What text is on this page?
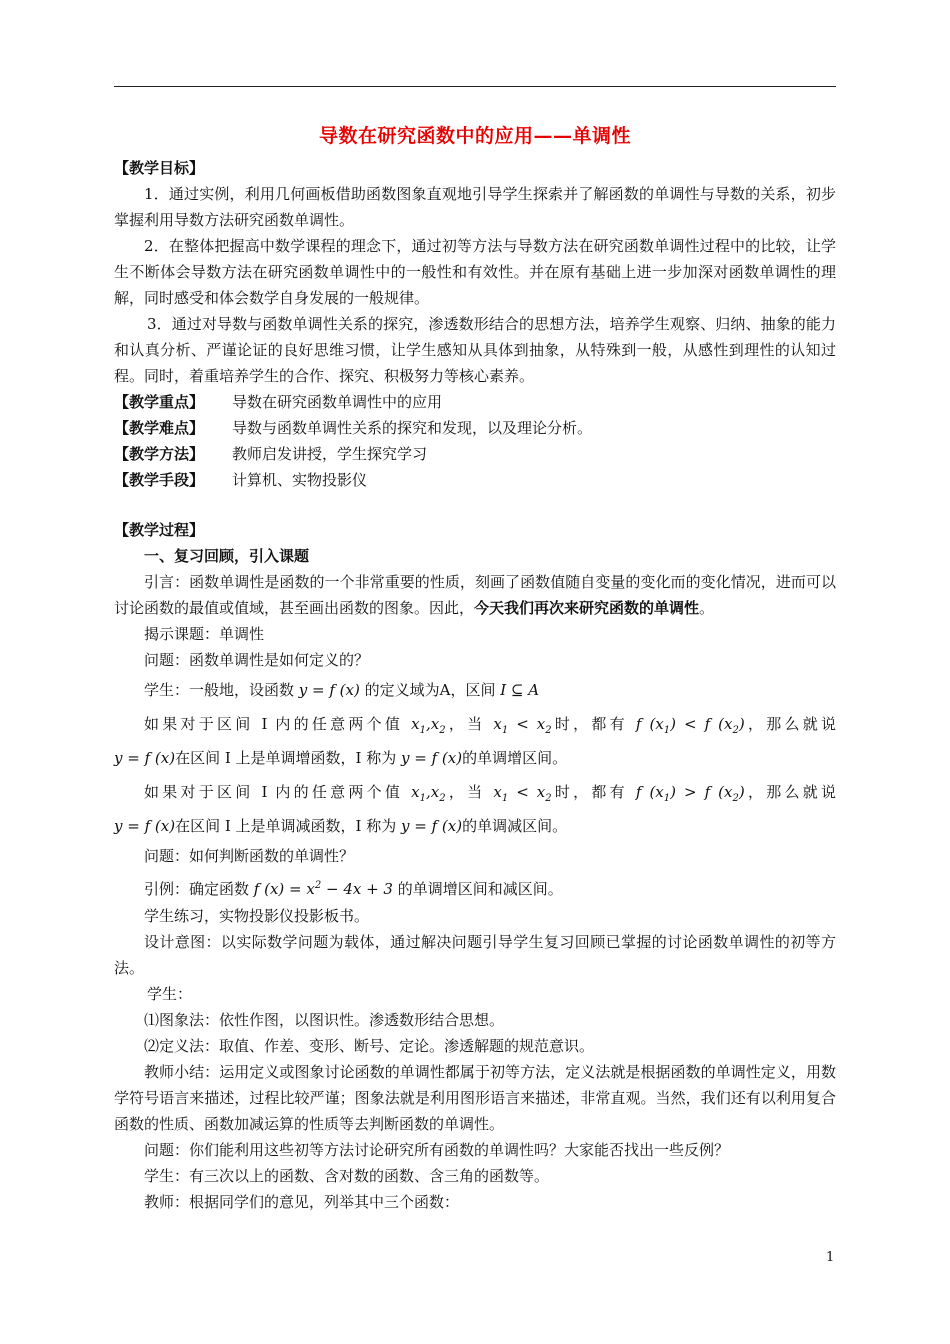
导数在研究函数中的应用——单调性

【教学目标】

1．通过实例，利用几何画板借助函数图象直观地引导学生探索并了解函数的单调性与导数的关系，初步掌握利用导数方法研究函数单调性。

2．在整体把握高中数学课程的理念下，通过初等方法与导数方法在研究函数单调性过程中的比较，让学生不断体会导数方法在研究函数单调性中的一般性和有效性。并在原有基础上进一步加深对函数单调性的理解，同时感受和体会数学自身发展的一般规律。

3．通过对导数与函数单调性关系的探究，渗透数形结合的思想方法，培养学生观察、归纳、抽象的能力和认真分析、严谨论证的良好思维习惯，让学生感知从具体到抽象，从特殊到一般，从感性到理性的认知过程。同时，着重培养学生的合作、探究、积极努力等核心素养。

【教学重点】	导数在研究函数单调性中的应用
【教学难点】	导数与函数单调性关系的探究和发现，以及理论分析。
【教学方法】	教师启发讲授，学生探究学习
【教学手段】	计算机、实物投影仪

【教学过程】

一、复习回顾，引入课题

引言：函数单调性是函数的一个非常重要的性质，刻画了函数值随自变量的变化而的变化情况，进而可以讨论函数的最值或值域，甚至画出函数的图象。因此，今天我们再次来研究函数的单调性。

揭示课题：单调性

问题：函数单调性是如何定义的？

学生：一般地，设函数 y = f (x) 的定义域为A，区间 I ⊆ A

如果对于区间 I 内的任意两个值 $x_1,x_2$，当 $x_1 < x_2$时，都有 f $(x_1) < f$ $(x_2)$，那么就说

y = f (x)在区间 I 上是单调增函数，I 称为 y = f (x)的单调增区间。

如果对于区间 I 内的任意两个值 $x_1,x_2$，当 $x_1 < x_2$时，都有 f $(x_1) > f$ $(x_2)$，那么就说

y = f (x)在区间 I 上是单调减函数，I 称为 y = f (x)的单调减区间。

问题：如何判断函数的单调性？

引例：确定函数 f $(x) = x^2 - 4x + 3$ 的单调增区间和减区间。

学生练习，实物投影仪投影板书。

设计意图：以实际数学问题为载体，通过解决问题引导学生复习回顾已掌握的讨论函数单调性的初等方法。

学生：

⑴图象法：依性作图，以图识性。渗透数形结合思想。

⑵定义法：取值、作差、变形、断号、定论。渗透解题的规范意识。

教师小结：运用定义或图象讨论函数的单调性都属于初等方法，定义法就是根据函数的单调性定义，用数学符号语言来描述，过程比较严谨；图象法就是利用图形语言来描述，非常直观。当然，我们还有以利用复合函数的性质、函数加减运算的性质等去判断函数的单调性。

问题：你们能利用这些初等方法讨论研究所有函数的单调性吗？大家能否找出一些反例？

学生：有三次以上的函数、含对数的函数、含三角的函数等。

教师：根据同学们的意见，列举其中三个函数：

1
